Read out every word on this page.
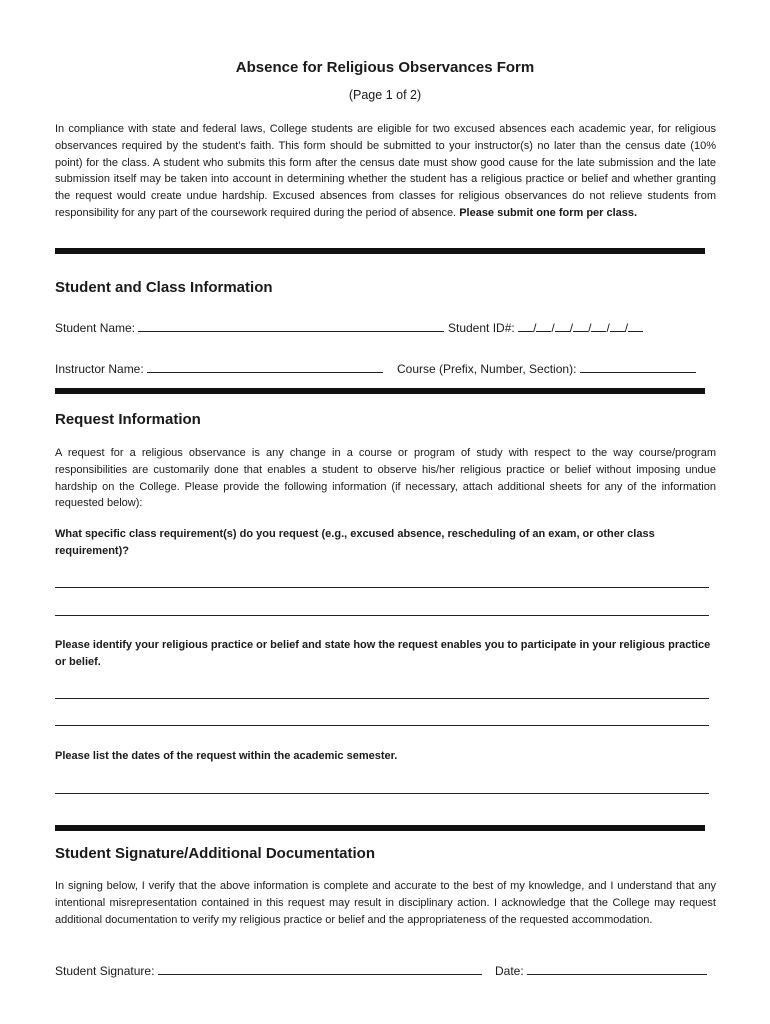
Absence for Religious Observances Form
(Page 1 of 2)

In compliance with state and federal laws, College students are eligible for two excused absences each academic year, for religious observances required by the student’s faith. This form should be submitted to your instructor(s) no later than the census date (10% point) for the class. A student who submits this form after the census date must show good cause for the late submission and the late submission itself may be taken into account in determining whether the student has a religious practice or belief and whether granting the request would create undue hardship. Excused absences from classes for religious observances do not relieve students from responsibility for any part of the coursework required during the period of absence. Please submit one form per class.

Student and Class Information
Student Name:	Student ID#: / / / / / /
Instructor Name:	Course (Prefix, Number, Section):
Request Information

A request for a religious observance is any change in a course or program of study with respect to the way course/program responsibilities are customarily done that enables a student to observe his/her religious practice or belief without imposing undue hardship on the College. Please provide the following information (if necessary, attach additional sheets for any of the information requested below):

What specific class requirement(s) do you request (e.g., excused absence, rescheduling of an exam, or other class requirement)?
Please identify your religious practice or belief and state how the request enables you to participate in your religious practice or belief.
Please list the dates of the request within the academic semester.
Student Signature/Additional Documentation

In signing below, I verify that the above information is complete and accurate to the best of my knowledge, and I understand that any intentional misrepresentation contained in this request may result in disciplinary action. I acknowledge that the College may request additional documentation to verify my religious practice or belief and the appropriateness of the requested accommodation.

Student Signature:	Date:
